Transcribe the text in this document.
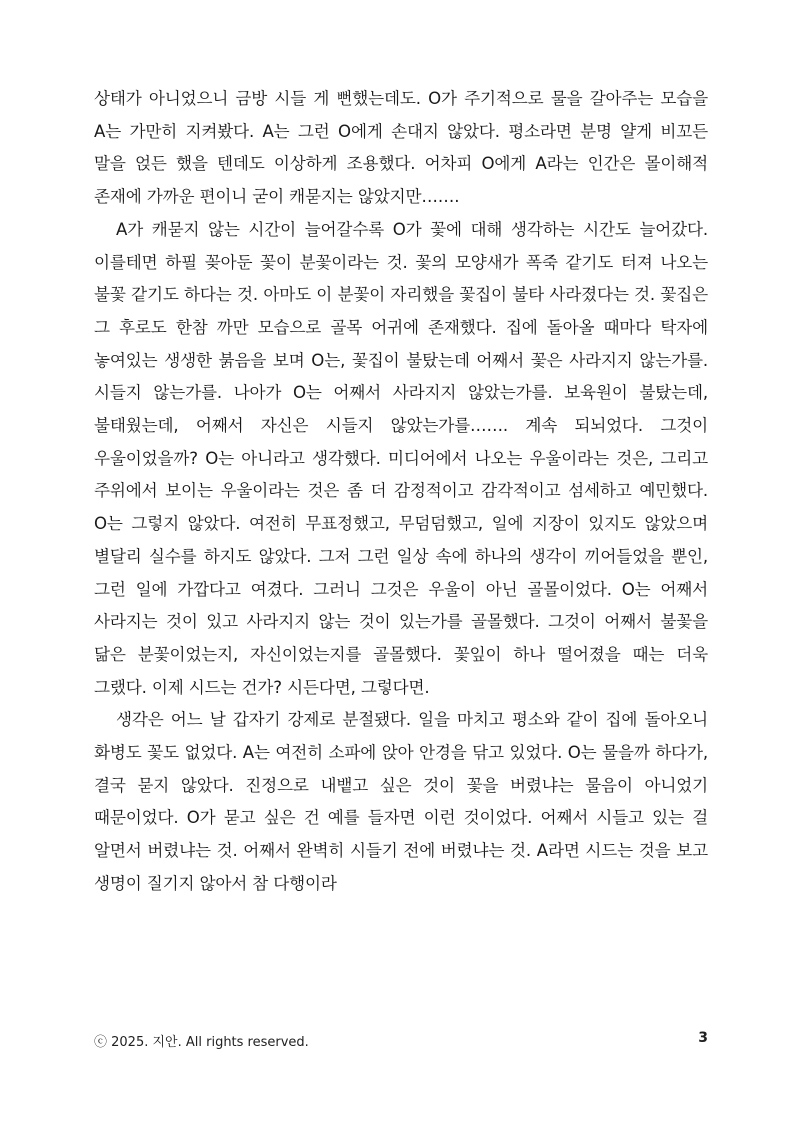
상태가 아니었으니 금방 시들 게 뻔했는데도. O가 주기적으로 물을 갈아주는 모습을 A는 가만히 지켜봤다. A는 그런 O에게 손대지 않았다. 평소라면 분명 얄게 비꼬든 말을 얹든 했을 텐데도 이상하게 조용했다. 어차피 O에게 A라는 인간은 몰이해적 존재에 가까운 편이니 굳이 캐묻지는 않았지만…….

A가 캐묻지 않는 시간이 늘어갈수록 O가 꽃에 대해 생각하는 시간도 늘어갔다. 이를테면 하필 꽂아둔 꽃이 분꽃이라는 것. 꽃의 모양새가 폭죽 같기도 터져 나오는 불꽃 같기도 하다는 것. 아마도 이 분꽃이 자리했을 꽃집이 불타 사라졌다는 것. 꽃집은 그 후로도 한참 까만 모습으로 골목 어귀에 존재했다. 집에 돌아올 때마다 탁자에 놓여있는 생생한 붉음을 보며 O는, 꽃집이 불탔는데 어째서 꽃은 사라지지 않는가를. 시들지 않는가를. 나아가 O는 어째서 사라지지 않았는가를. 보육원이 불탔는데, 불태웠는데, 어째서 자신은 시들지 않았는가를……. 계속 되뇌었다. 그것이 우울이었을까? O는 아니라고 생각했다. 미디어에서 나오는 우울이라는 것은, 그리고 주위에서 보이는 우울이라는 것은 좀 더 감정적이고 감각적이고 섬세하고 예민했다. O는 그렇지 않았다. 여전히 무표정했고, 무덤덤했고, 일에 지장이 있지도 않았으며 별달리 실수를 하지도 않았다. 그저 그런 일상 속에 하나의 생각이 끼어들었을 뿐인, 그런 일에 가깝다고 여겼다. 그러니 그것은 우울이 아닌 골몰이었다. O는 어째서 사라지는 것이 있고 사라지지 않는 것이 있는가를 골몰했다. 그것이 어째서 불꽃을 닮은 분꽃이었는지, 자신이었는지를 골몰했다. 꽃잎이 하나 떨어졌을 때는 더욱 그랬다. 이제 시드는 건가? 시든다면, 그렇다면.

생각은 어느 날 갑자기 강제로 분절됐다. 일을 마치고 평소와 같이 집에 돌아오니 화병도 꽃도 없었다. A는 여전히 소파에 앉아 안경을 닦고 있었다. O는 물을까 하다가, 결국 묻지 않았다. 진정으로 내뱉고 싶은 것이 꽃을 버렸냐는 물음이 아니었기 때문이었다. O가 묻고 싶은 건 예를 들자면 이런 것이었다. 어째서 시들고 있는 걸 알면서 버렸냐는 것. 어째서 완벽히 시들기 전에 버렸냐는 것. A라면 시드는 것을 보고 생명이 질기지 않아서 참 다행이라

ⓒ 2025. 지안. All rights reserved.	3
